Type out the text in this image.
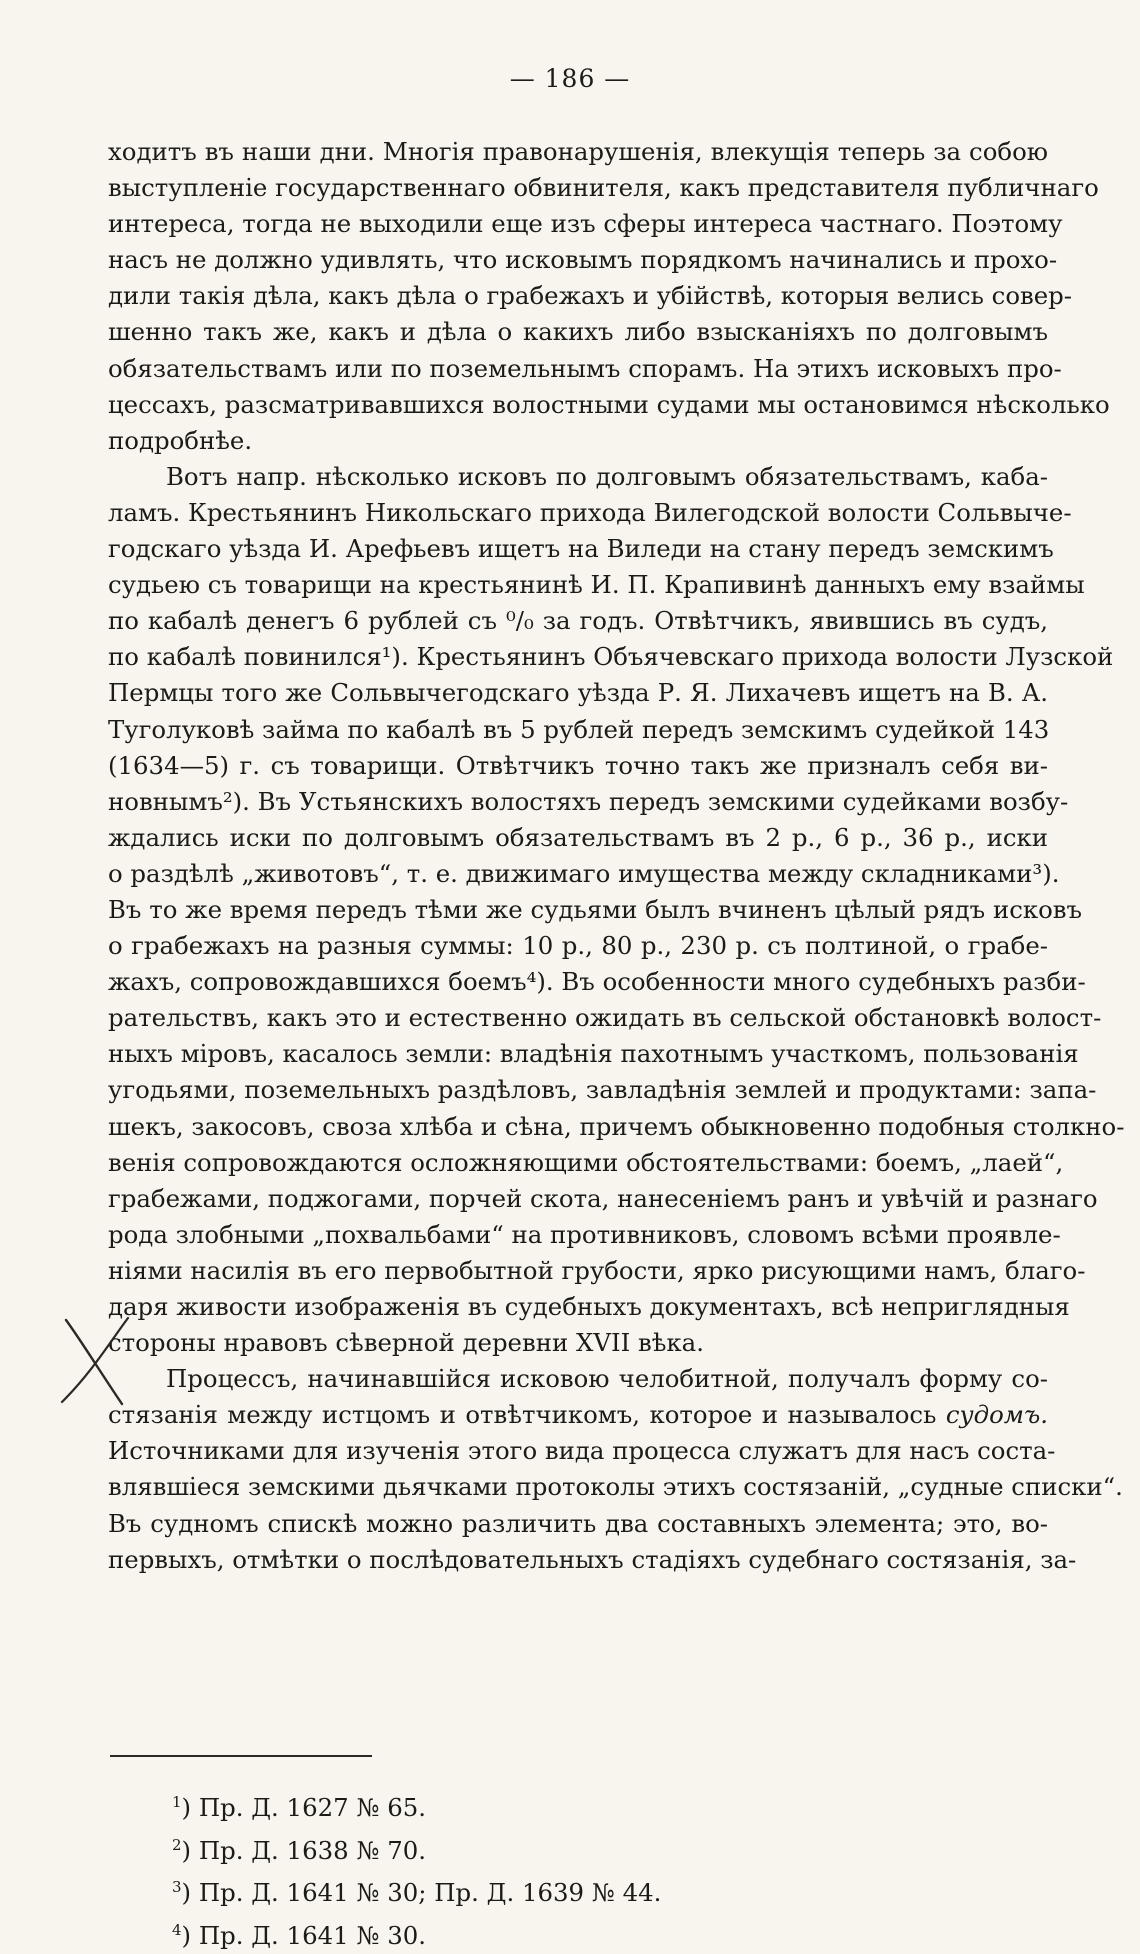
— 186 —
ходитъ въ наши дни. Многія правонарушенія, влекущія теперь за собою
выступленіе государственнаго обвинителя, какъ представителя публичнаго
интереса, тогда не выходили еще изъ сферы интереса частнаго. Поэтому
насъ не должно удивлять, что исковымъ порядкомъ начинались и прохо-
дили такія дѣла, какъ дѣла о грабежахъ и убійствѣ, которыя велись совер-
шенно такъ же, какъ и дѣла о какихъ либо взысканіяхъ по долговымъ
обязательствамъ или по поземельнымъ спорамъ. На этихъ исковыхъ про-
цессахъ, разсматривавшихся волостными судами мы остановимся нѣсколько
подробнѣе.
Вотъ напр. нѣсколько исковъ по долговымъ обязательствамъ, каба-
ламъ. Крестьянинъ Никольскаго прихода Вилегодской волости Сольвыче-
годскаго уѣзда И. Арефьевъ ищетъ на Виледи на стану передъ земскимъ
судьею съ товарищи на крестьянинѣ И. П. Крапивинѣ данныхъ ему взаймы
по кабалѣ денегъ 6 рублей съ ⁰/₀ за годъ. Отвѣтчикъ, явившись въ судъ,
по кабалѣ повинился¹). Крестьянинъ Объячевскаго прихода волости Лузской
Пермцы того же Сольвычегодскаго уѣзда Р. Я. Лихачевъ ищетъ на В. А.
Туголуковѣ займа по кабалѣ въ 5 рублей передъ земскимъ судейкой 143
(1634—5) г. съ товарищи. Отвѣтчикъ точно такъ же призналъ себя ви-
новнымъ²). Въ Устьянскихъ волостяхъ передъ земскими судейками возбу-
ждались иски по долговымъ обязательствамъ въ 2 р., 6 р., 36 р., иски
о раздѣлѣ „животовъ“, т. е. движимаго имущества между складниками³).
Въ то же время передъ тѣми же судьями былъ вчиненъ цѣлый рядъ исковъ
о грабежахъ на разныя суммы: 10 р., 80 р., 230 р. съ полтиной, о грабе-
жахъ, сопровождавшихся боемъ⁴). Въ особенности много судебныхъ разби-
рательствъ, какъ это и естественно ожидать въ сельской обстановкѣ волост-
ныхъ міровъ, касалось земли: владѣнія пахотнымъ участкомъ, пользованія
угодьями, поземельныхъ раздѣловъ, завладѣнія землей и продуктами: запа-
шекъ, закосовъ, своза хлѣба и сѣна, причемъ обыкновенно подобныя столкно-
венія сопровождаются осложняющими обстоятельствами: боемъ, „лаей“,
грабежами, поджогами, порчей скота, нанесеніемъ ранъ и увѣчій и разнаго
рода злобными „похвальбами“ на противниковъ, словомъ всѣми проявле-
ніями насилія въ его первобытной грубости, ярко рисующими намъ, благо-
даря живости изображенія въ судебныхъ документахъ, всѣ неприглядныя
стороны нравовъ сѣверной деревни XVII вѣка.
Процессъ, начинавшійся исковою челобитной, получалъ форму со-
стязанія между истцомъ и отвѣтчикомъ, которое и называлось судомъ.
Источниками для изученія этого вида процесса служатъ для насъ соста-
влявшіеся земскими дьячками протоколы этихъ состязаній, „судные списки“.
Въ судномъ спискѣ можно различить два составныхъ элемента; это, во-
первыхъ, отмѣтки о послѣдовательныхъ стадіяхъ судебнаго состязанія, за-
$^1$) Пр. Д. 1627 № 65.
$^2$) Пр. Д. 1638 № 70.
$^3$) Пр. Д. 1641 № 30; Пр. Д. 1639 № 44.
$^4$) Пр. Д. 1641 № 30.
